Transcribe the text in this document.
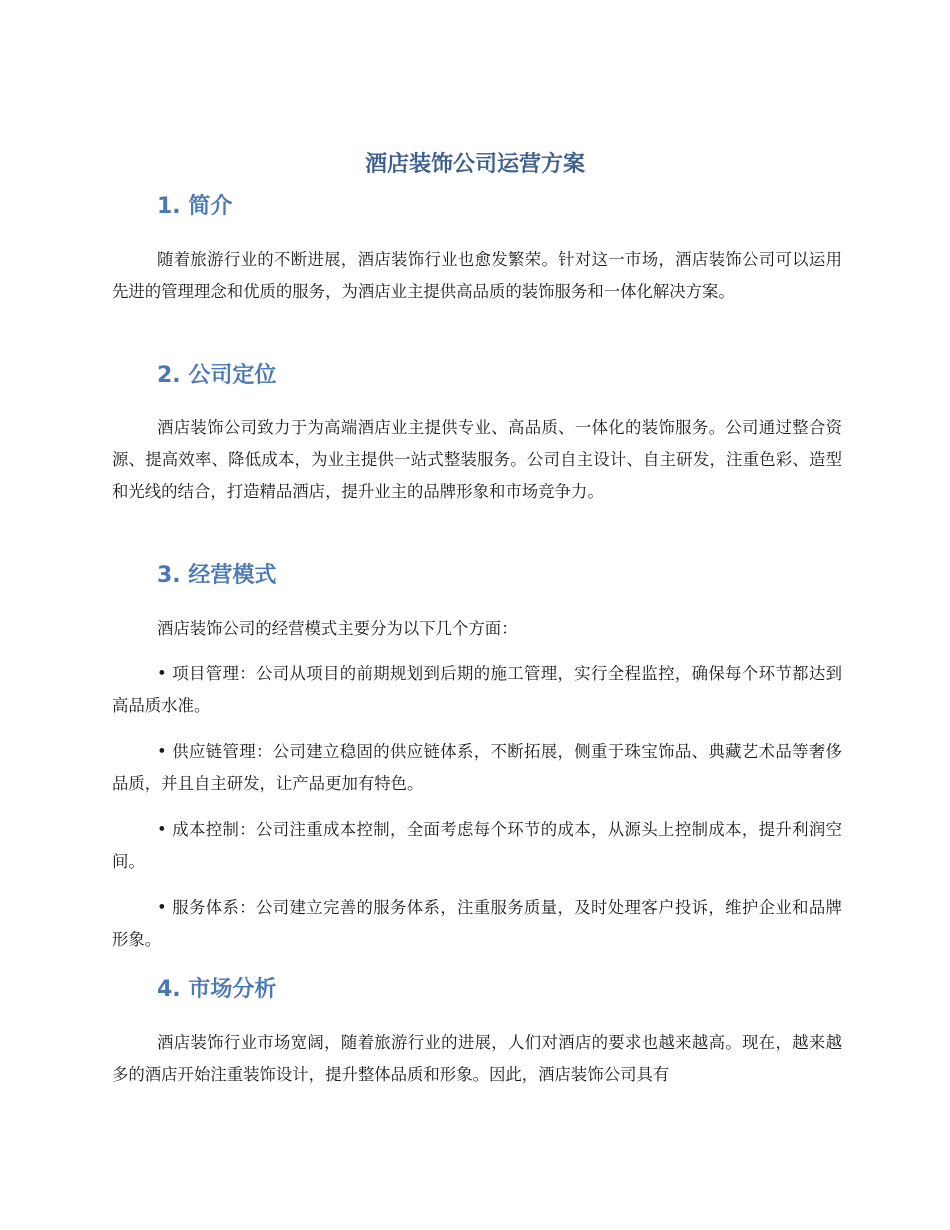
酒店装饰公司运营方案
1. 简介

随着旅游行业的不断进展，酒店装饰行业也愈发繁荣。针对这一市场，酒店装饰公司可以运用先进的管理理念和优质的服务，为酒店业主提供高品质的装饰服务和一体化解决方案。

2. 公司定位

酒店装饰公司致力于为高端酒店业主提供专业、高品质、一体化的装饰服务。公司通过整合资源、提高效率、降低成本，为业主提供一站式整装服务。公司自主设计、自主研发，注重色彩、造型和光线的结合，打造精品酒店，提升业主的品牌形象和市场竞争力。

3. 经营模式

酒店装饰公司的经营模式主要分为以下几个方面：

• 项目管理：公司从项目的前期规划到后期的施工管理，实行全程监控，确保每个环节都达到高品质水准。

• 供应链管理：公司建立稳固的供应链体系，不断拓展，侧重于珠宝饰品、典藏艺术品等奢侈品质，并且自主研发，让产品更加有特色。

• 成本控制：公司注重成本控制，全面考虑每个环节的成本，从源头上控制成本，提升利润空间。

• 服务体系：公司建立完善的服务体系，注重服务质量，及时处理客户投诉，维护企业和品牌形象。

4. 市场分析

酒店装饰行业市场宽阔，随着旅游行业的进展，人们对酒店的要求也越来越高。现在，越来越多的酒店开始注重装饰设计，提升整体品质和形象。因此，酒店装饰公司具有
